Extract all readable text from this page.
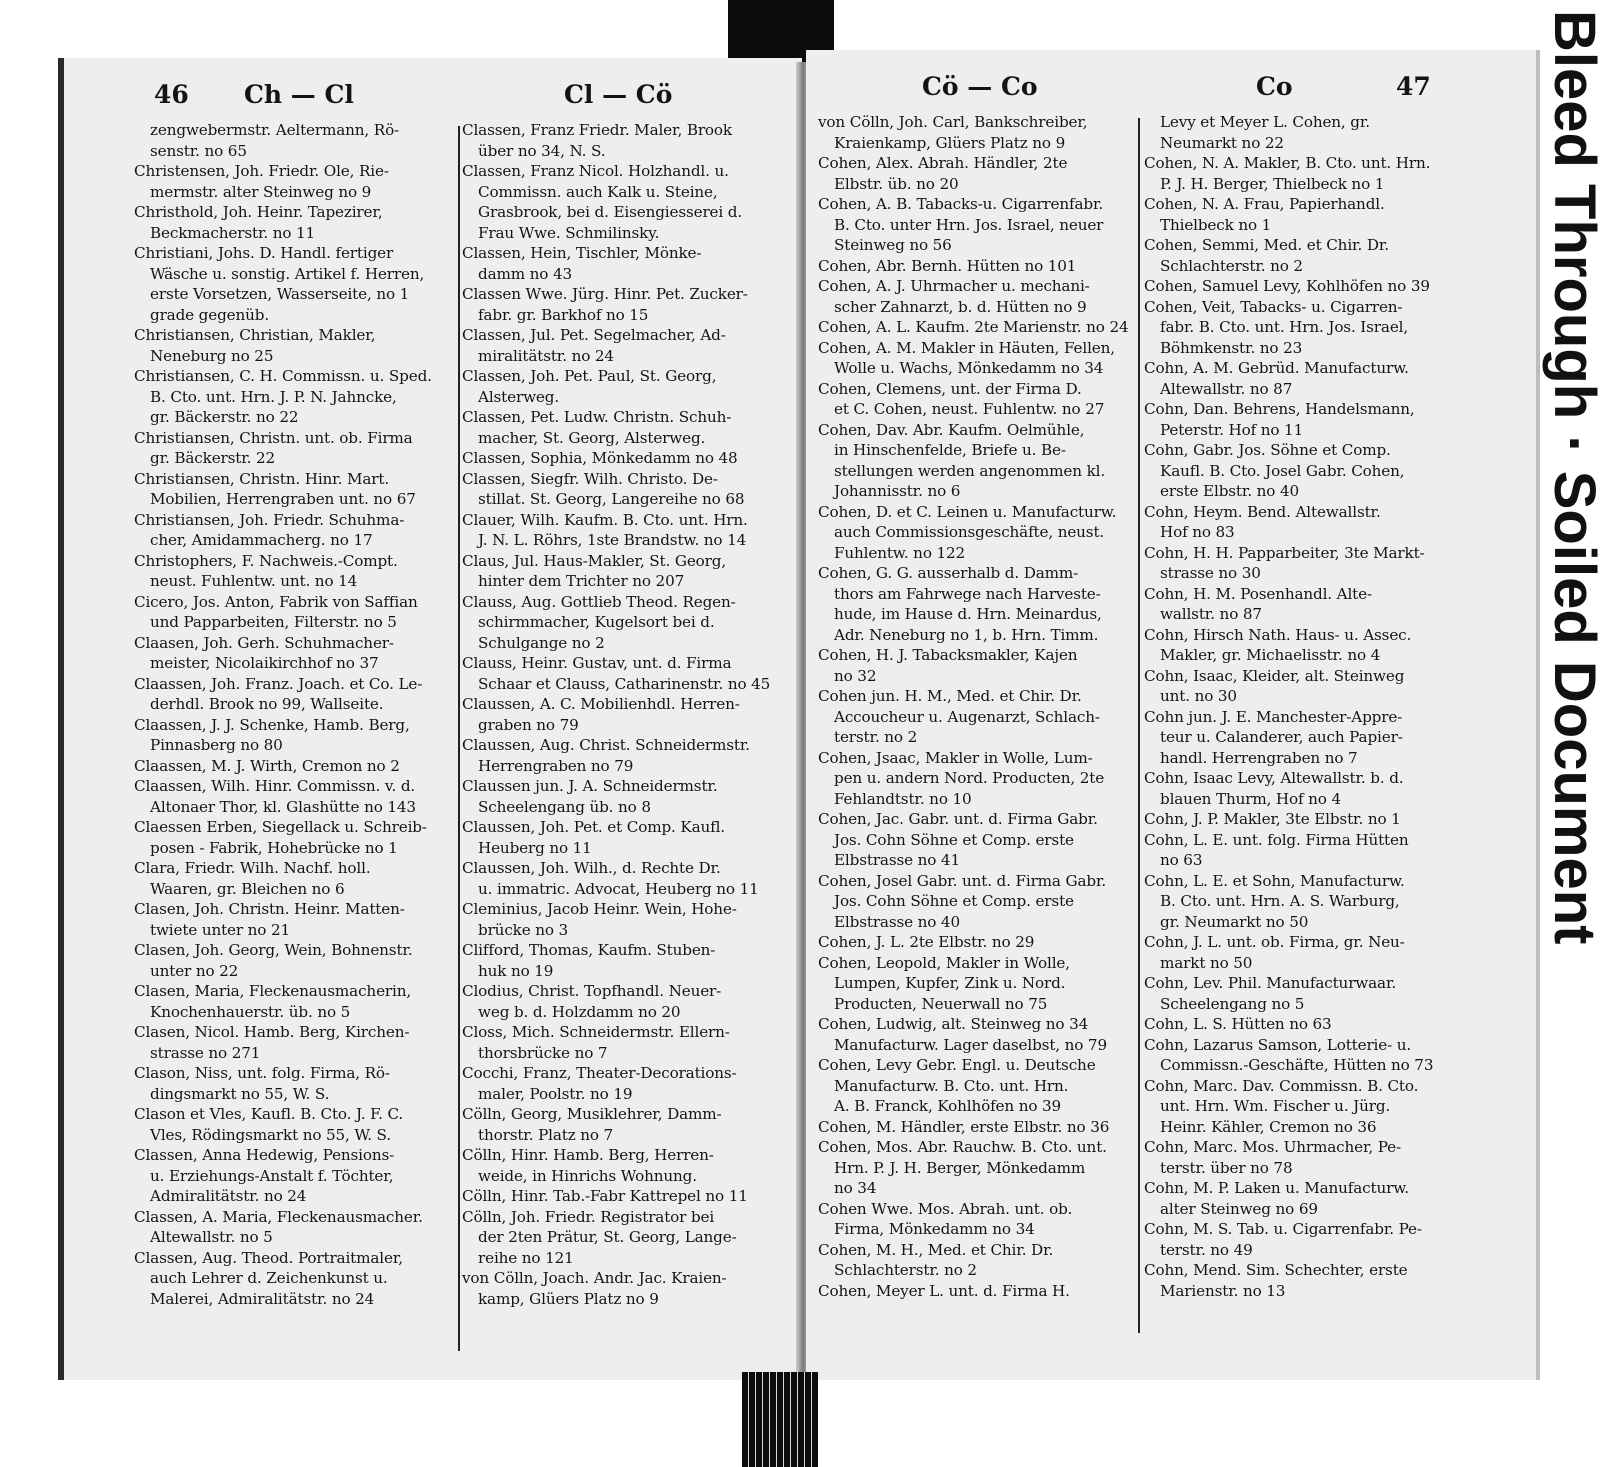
46 Ch — Cl	Cl — Cö
zengwebermstr. Aeltermann, Rö-
senstr. no 65
Christensen, Joh. Friedr. Ole, Rie-
mermstr. alter Steinweg no 9
Christhold, Joh. Heinr. Tapezirer,
Beckmacherstr. no 11
Christiani, Johs. D. Handl. fertiger
Wäsche u. sonstig. Artikel f. Herren,
erste Vorsetzen, Wasserseite, no 1
grade gegenüb.
Christiansen, Christian, Makler,
Neneburg no 25
Christiansen, C. H. Commissn. u. Sped.
B. Cto. unt. Hrn. J. P. N. Jahncke,
gr. Bäckerstr. no 22
Christiansen, Christn. unt. ob. Firma
gr. Bäckerstr. 22
Christiansen, Christn. Hinr. Mart.
Mobilien, Herrengraben unt. no 67
Christiansen, Joh. Friedr. Schuhma-
cher, Amidammacherg. no 17
Christophers, F. Nachweis.-Compt.
neust. Fuhlentw. unt. no 14
Cicero, Jos. Anton, Fabrik von Saffian
und Papparbeiten, Filterstr. no 5
Claasen, Joh. Gerh. Schuhmacher-
meister, Nicolaikirchhof no 37
Claassen, Joh. Franz. Joach. et Co. Le-
derhdl. Brook no 99, Wallseite.
Claassen, J. J. Schenke, Hamb. Berg,
Pinnasberg no 80
Claassen, M. J. Wirth, Cremon no 2
Claassen, Wilh. Hinr. Commissn. v. d.
Altonaer Thor, kl. Glashütte no 143
Claessen Erben, Siegellack u. Schreib-
posen - Fabrik, Hohebrücke no 1
Clara, Friedr. Wilh. Nachf. holl.
Waaren, gr. Bleichen no 6
Clasen, Joh. Christn. Heinr. Matten-
twiete unter no 21
Clasen, Joh. Georg, Wein, Bohnenstr.
unter no 22
Clasen, Maria, Fleckenausmacherin,
Knochenhauerstr. üb. no 5
Clasen, Nicol. Hamb. Berg, Kirchen-
strasse no 271
Clason, Niss, unt. folg. Firma, Rö-
dingsmarkt no 55, W. S.
Clason et Vles, Kaufl. B. Cto. J. F. C.
Vles, Rödingsmarkt no 55, W. S.
Classen, Anna Hedewig, Pensions-
u. Erziehungs-Anstalt f. Töchter,
Admiralitätstr. no 24
Classen, A. Maria, Fleckenausmacher.
Altewallstr. no 5
Classen, Aug. Theod. Portraitmaler,
auch Lehrer d. Zeichenkunst u.
Malerei, Admiralitätstr. no 24
Classen, Franz Friedr. Maler, Brook
über no 34, N. S.
Classen, Franz Nicol. Holzhandl. u.
Commissn. auch Kalk u. Steine,
Grasbrook, bei d. Eisengiesserei d.
Frau Wwe. Schmilinsky.
Classen, Hein, Tischler, Mönke-
damm no 43
Classen Wwe. Jürg. Hinr. Pet. Zucker-
fabr. gr. Barkhof no 15
Classen, Jul. Pet. Segelmacher, Ad-
miralitätstr. no 24
Classen, Joh. Pet. Paul, St. Georg,
Alsterweg.
Classen, Pet. Ludw. Christn. Schuh-
macher, St. Georg, Alsterweg.
Classen, Sophia, Mönkedamm no 48
Classen, Siegfr. Wilh. Christo. De-
stillat. St. Georg, Langereihe no 68
Clauer, Wilh. Kaufm. B. Cto. unt. Hrn.
J. N. L. Röhrs, 1ste Brandstw. no 14
Claus, Jul. Haus-Makler, St. Georg,
hinter dem Trichter no 207
Clauss, Aug. Gottlieb Theod. Regen-
schirmmacher, Kugelsort bei d.
Schulgange no 2
Clauss, Heinr. Gustav, unt. d. Firma
Schaar et Clauss, Catharinenstr. no 45
Claussen, A. C. Mobilienhdl. Herren-
graben no 79
Claussen, Aug. Christ. Schneidermstr.
Herrengraben no 79
Claussen jun. J. A. Schneidermstr.
Scheelengang üb. no 8
Claussen, Joh. Pet. et Comp. Kaufl.
Heuberg no 11
Claussen, Joh. Wilh., d. Rechte Dr.
u. immatric. Advocat, Heuberg no 11
Cleminius, Jacob Heinr. Wein, Hohe-
brücke no 3
Clifford, Thomas, Kaufm. Stuben-
huk no 19
Clodius, Christ. Topfhandl. Neuer-
weg b. d. Holzdamm no 20
Closs, Mich. Schneidermstr. Ellern-
thorsbrücke no 7
Cocchi, Franz, Theater-Decorations-
maler, Poolstr. no 19
Cölln, Georg, Musiklehrer, Damm-
thorstr. Platz no 7
Cölln, Hinr. Hamb. Berg, Herren-
weide, in Hinrichs Wohnung.
Cölln, Hinr. Tab.-Fabr Kattrepel no 11
Cölln, Joh. Friedr. Registrator bei
der 2ten Prätur, St. Georg, Lange-
reihe no 121
von Cölln, Joach. Andr. Jac. Kraien-
kamp, Glüers Platz no 9
Cö — Co	Co	47
von Cölln, Joh. Carl, Bankschreiber,
Kraienkamp, Glüers Platz no 9
Cohen, Alex. Abrah. Händler, 2te
Elbstr. üb. no 20
Cohen, A. B. Tabacks-u. Cigarrenfabr.
B. Cto. unter Hrn. Jos. Israel, neuer
Steinweg no 56
Cohen, Abr. Bernh. Hütten no 101
Cohen, A. J. Uhrmacher u. mechani-
scher Zahnarzt, b. d. Hütten no 9
Cohen, A. L. Kaufm. 2te Marienstr. no 24
Cohen, A. M. Makler in Häuten, Fellen,
Wolle u. Wachs, Mönkedamm no 34
Cohen, Clemens, unt. der Firma D.
et C. Cohen, neust. Fuhlentw. no 27
Cohen, Dav. Abr. Kaufm. Oelmühle,
in Hinschenfelde, Briefe u. Be-
stellungen werden angenommen kl.
Johannisstr. no 6
Cohen, D. et C. Leinen u. Manufacturw.
auch Commissionsgeschäfte, neust.
Fuhlentw. no 122
Cohen, G. G. ausserhalb d. Damm-
thors am Fahrwege nach Harveste-
hude, im Hause d. Hrn. Meinardus,
Adr. Neneburg no 1, b. Hrn. Timm.
Cohen, H. J. Tabacksmakler, Kajen
no 32
Cohen jun. H. M., Med. et Chir. Dr.
Accoucheur u. Augenarzt, Schlach-
terstr. no 2
Cohen, Jsaac, Makler in Wolle, Lum-
pen u. andern Nord. Producten, 2te
Fehlandtstr. no 10
Cohen, Jac. Gabr. unt. d. Firma Gabr.
Jos. Cohn Söhne et Comp. erste
Elbstrasse no 41
Cohen, Josel Gabr. unt. d. Firma Gabr.
Jos. Cohn Söhne et Comp. erste
Elbstrasse no 40
Cohen, J. L. 2te Elbstr. no 29
Cohen, Leopold, Makler in Wolle,
Lumpen, Kupfer, Zink u. Nord.
Producten, Neuerwall no 75
Cohen, Ludwig, alt. Steinweg no 34
Manufacturw. Lager daselbst, no 79
Cohen, Levy Gebr. Engl. u. Deutsche
Manufacturw. B. Cto. unt. Hrn.
A. B. Franck, Kohlhöfen no 39
Cohen, M. Händler, erste Elbstr. no 36
Cohen, Mos. Abr. Rauchw. B. Cto. unt.
Hrn. P. J. H. Berger, Mönkedamm
no 34
Cohen Wwe. Mos. Abrah. unt. ob.
Firma, Mönkedamm no 34
Cohen, M. H., Med. et Chir. Dr.
Schlachterstr. no 2
Cohen, Meyer L. unt. d. Firma H.
Levy et Meyer L. Cohen, gr.
Neumarkt no 22
Cohen, N. A. Makler, B. Cto. unt. Hrn.
P. J. H. Berger, Thielbeck no 1
Cohen, N. A. Frau, Papierhandl.
Thielbeck no 1
Cohen, Semmi, Med. et Chir. Dr.
Schlachterstr. no 2
Cohen, Samuel Levy, Kohlhöfen no 39
Cohen, Veit, Tabacks- u. Cigarren-
fabr. B. Cto. unt. Hrn. Jos. Israel,
Böhmkenstr. no 23
Cohn, A. M. Gebrüd. Manufacturw.
Altewallstr. no 87
Cohn, Dan. Behrens, Handelsmann,
Peterstr. Hof no 11
Cohn, Gabr. Jos. Söhne et Comp.
Kaufl. B. Cto. Josel Gabr. Cohen,
erste Elbstr. no 40
Cohn, Heym. Bend. Altewallstr.
Hof no 83
Cohn, H. H. Papparbeiter, 3te Markt-
strasse no 30
Cohn, H. M. Posenhandl. Alte-
wallstr. no 87
Cohn, Hirsch Nath. Haus- u. Assec.
Makler, gr. Michaelisstr. no 4
Cohn, Isaac, Kleider, alt. Steinweg
unt. no 30
Cohn jun. J. E. Manchester-Appre-
teur u. Calanderer, auch Papier-
handl. Herrengraben no 7
Cohn, Isaac Levy, Altewallstr. b. d.
blauen Thurm, Hof no 4
Cohn, J. P. Makler, 3te Elbstr. no 1
Cohn, L. E. unt. folg. Firma Hütten
no 63
Cohn, L. E. et Sohn, Manufacturw.
B. Cto. unt. Hrn. A. S. Warburg,
gr. Neumarkt no 50
Cohn, J. L. unt. ob. Firma, gr. Neu-
markt no 50
Cohn, Lev. Phil. Manufacturwaar.
Scheelengang no 5
Cohn, L. S. Hütten no 63
Cohn, Lazarus Samson, Lotterie- u.
Commissn.-Geschäfte, Hütten no 73
Cohn, Marc. Dav. Commissn. B. Cto.
unt. Hrn. Wm. Fischer u. Jürg.
Heinr. Kähler, Cremon no 36
Cohn, Marc. Mos. Uhrmacher, Pe-
terstr. über no 78
Cohn, M. P. Laken u. Manufacturw.
alter Steinweg no 69
Cohn, M. S. Tab. u. Cigarrenfabr. Pe-
terstr. no 49
Cohn, Mend. Sim. Schechter, erste
Marienstr. no 13
Bleed Through · Soiled Document
